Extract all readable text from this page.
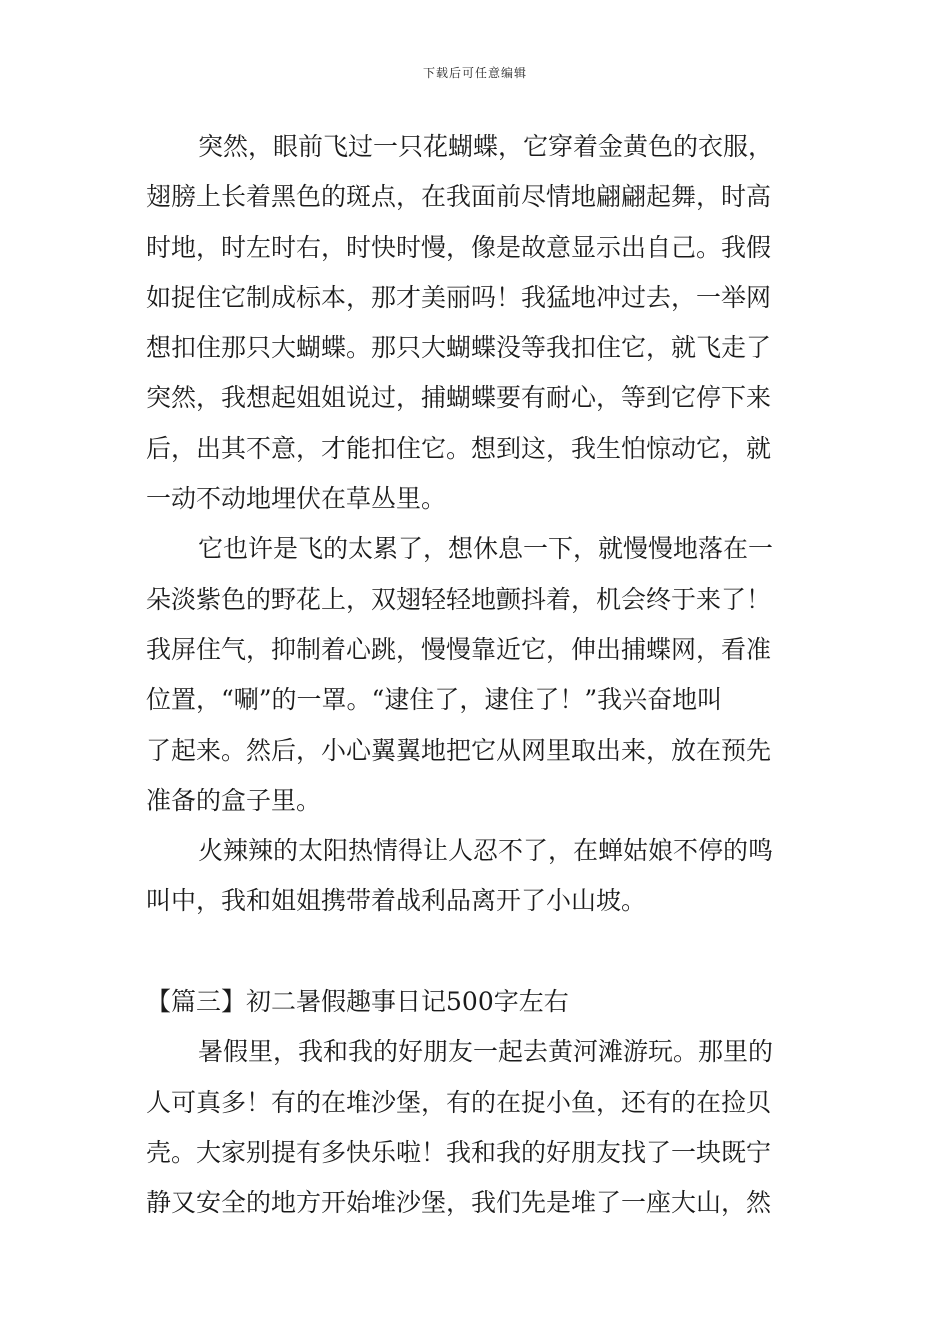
下载后可任意编辑
突然，眼前飞过一只花蝴蝶，它穿着金黄色的衣服，
翅膀上长着黑色的斑点，在我面前尽情地翩翩起舞，时高
时地，时左时右，时快时慢，像是故意显示出自己。我假
如捉住它制成标本，那才美丽吗！我猛地冲过去，一举网
想扣住那只大蝴蝶。那只大蝴蝶没等我扣住它，就飞走了
突然，我想起姐姐说过，捕蝴蝶要有耐心，等到它停下来
后，出其不意，才能扣住它。想到这，我生怕惊动它，就
一动不动地埋伏在草丛里。
它也许是飞的太累了，想休息一下，就慢慢地落在一
朵淡紫色的野花上，双翅轻轻地颤抖着，机会终于来了！
我屏住气，抑制着心跳，慢慢靠近它，伸出捕蝶网，看准
位置，“唰”的一罩。“逮住了，逮住了！”我兴奋地叫
了起来。然后，小心翼翼地把它从网里取出来，放在预先
准备的盒子里。
火辣辣的太阳热情得让人忍不了，在蝉姑娘不停的鸣
叫中，我和姐姐携带着战利品离开了小山坡。
【篇三】初二暑假趣事日记500字左右
暑假里，我和我的好朋友一起去黄河滩游玩。那里的
人可真多！有的在堆沙堡，有的在捉小鱼，还有的在捡贝
壳。大家别提有多快乐啦！我和我的好朋友找了一块既宁
静又安全的地方开始堆沙堡，我们先是堆了一座大山，然
